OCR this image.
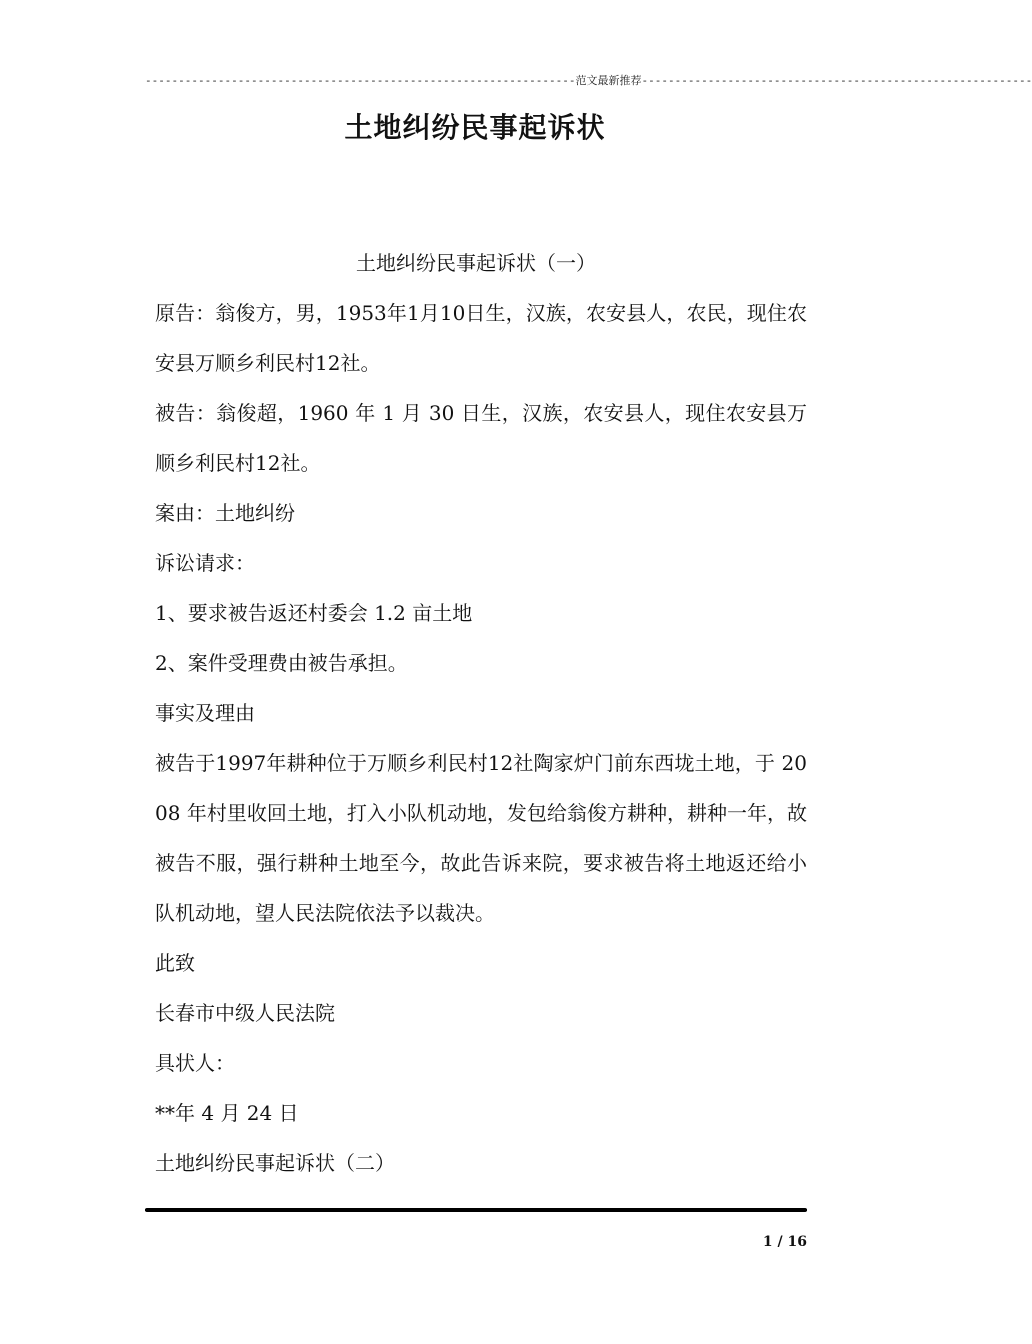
-----------------------------------------------------------------范文最新推荐-----------------------------------------------------------
土地纠纷民事起诉状

土地纠纷民事起诉状（一）

原告：翁俊方，男，1953年1月10日生，汉族，农安县人，农民，现住农安县万顺乡利民村12社。

被告：翁俊超，1960 年 1 月 30 日生，汉族，农安县人，现住农安县万顺乡利民村12社。

案由：土地纠纷

诉讼请求：

1、要求被告返还村委会 1.2 亩土地

2、案件受理费由被告承担。

事实及理由

被告于1997年耕种位于万顺乡利民村12社陶家炉门前东西垅土地，于 2008 年村里收回土地，打入小队机动地，发包给翁俊方耕种，耕种一年，故被告不服，强行耕种土地至今，故此告诉来院，要求被告将土地返还给小队机动地，望人民法院依法予以裁决。

此致

长春市中级人民法院

具状人：

**年 4 月 24 日

土地纠纷民事起诉状（二）

1 / 16
